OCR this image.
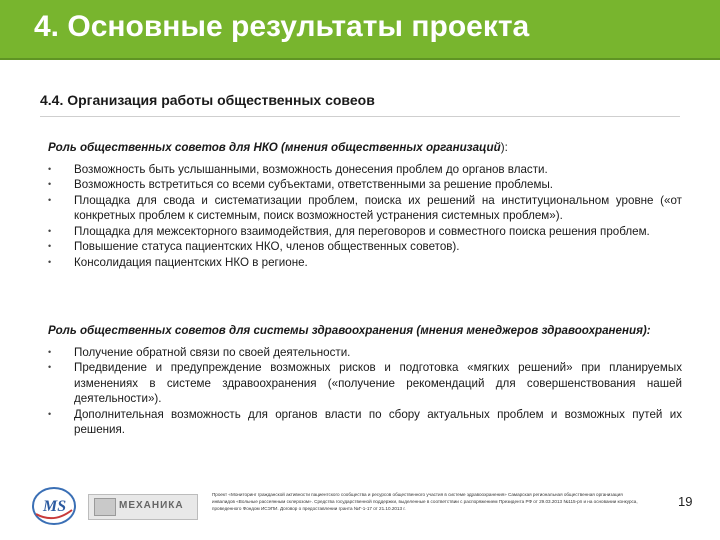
4. Основные результаты проекта
4.4. Организация работы общественных совеов
Роль общественных советов для НКО (мнения общественных организаций):
•	Возможность быть услышанными, возможность донесения проблем до органов власти.
•	Возможность встретиться со всеми субъектами, ответственными за решение проблемы.
•	Площадка для свода и систематизации проблем, поиска их решений на институциональном уровне («от конкретных проблем к системным, поиск возможностей устранения системных проблем»).
•	Площадка для межсекторного взаимодействия, для переговоров и совместного поиска решения проблем.
•	Повышение статуса пациентских НКО, членов общественных советов).
•	Консолидация пациентских НКО в регионе.
Роль общественных советов для системы здравоохранения (мнения менеджеров здравоохранения):
•	Получение обратной связи по своей деятельности.
•	Предвидение и предупреждение возможных рисков и подготовка «мягких решений» при планируемых изменениях в системе здравоохранения («получение рекомендаций для совершенствования нашей деятельности»).
•	Дополнительная возможность для органов власти по сбору актуальных проблем и возможных путей их решения.
MS	МЕХАНИКА
Проект «Мониторинг гражданской активности пациентского сообщества и ресурсов общественного участия в системе здравоохранения» Самарская региональная общественная организация инвалидов «Вольные рассеянным склерозом». Средства государственной поддержки, выделенные в соответствии с распоряжением Президента РФ от 29.03.2013 №115-рп и на основании конкурса, проведенного Фондом ИСЭПИ. Договор о предоставлении гранта №Г-1-17 от 21.10.2013 г.	19
